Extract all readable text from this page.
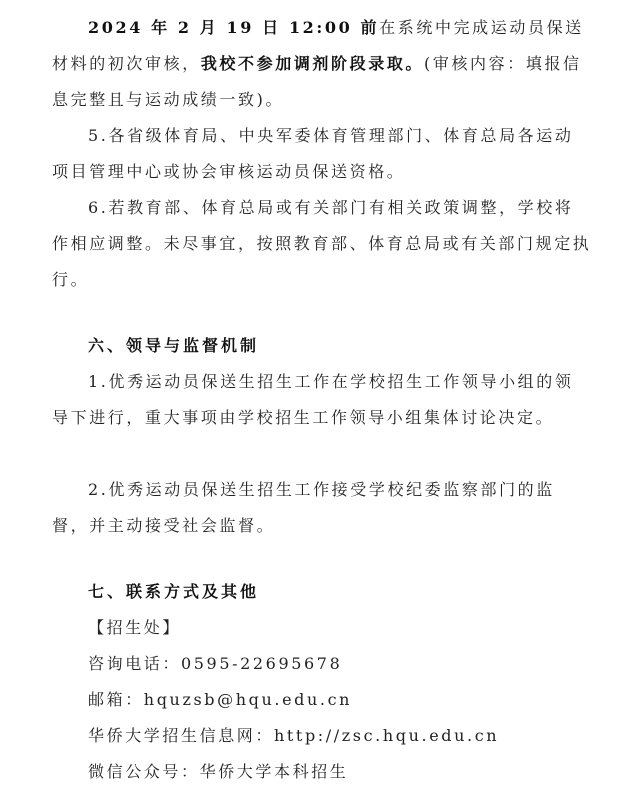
2024 年 2 月 19 日 12:00 前在系统中完成运动员保送材料的初次审核，我校不参加调剂阶段录取。(审核内容：填报信息完整且与运动成绩一致)。
5.各省级体育局、中央军委体育管理部门、体育总局各运动项目管理中心或协会审核运动员保送资格。
6.若教育部、体育总局或有关部门有相关政策调整，学校将作相应调整。未尽事宜，按照教育部、体育总局或有关部门规定执行。
六、领导与监督机制
1.优秀运动员保送生招生工作在学校招生工作领导小组的领导下进行，重大事项由学校招生工作领导小组集体讨论决定。
2.优秀运动员保送生招生工作接受学校纪委监察部门的监督，并主动接受社会监督。
七、联系方式及其他
【招生处】
咨询电话：0595-22695678
邮箱：hquzsb@hqu.edu.cn
华侨大学招生信息网：http://zsc.hqu.edu.cn
微信公众号：华侨大学本科招生
